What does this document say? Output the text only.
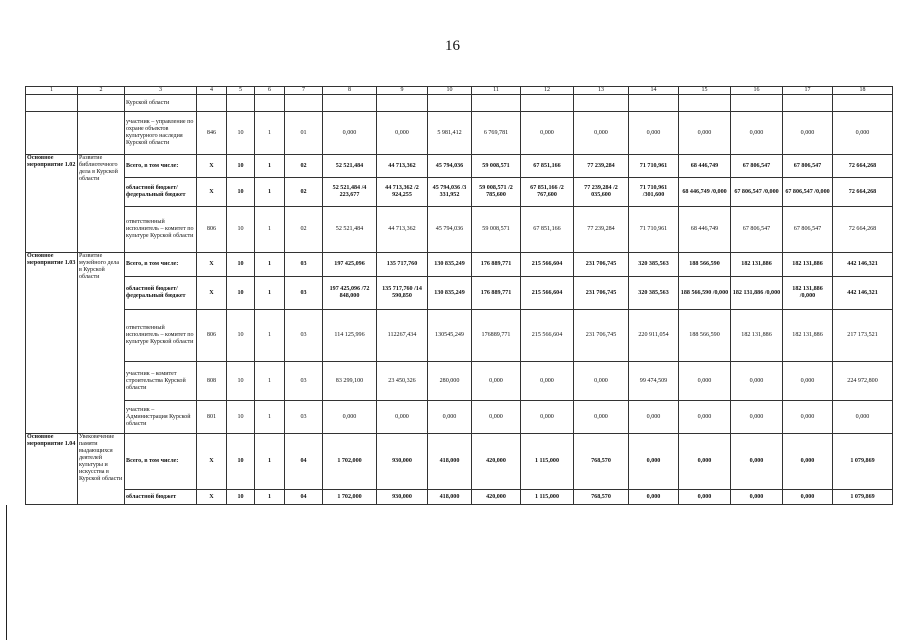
16
1	2	3	4	5	6	7	8	9	10	11	12	13	14	15	16	17	18
		Курской области															
		участник – управление по охране объектов культурного наследия Курской области	846	10	1	01	0,000	0,000	5 981,412	6 769,781	0,000	0,000	0,000	0,000	0,000	0,000	0,000
Основное мероприятие 1.02	Развитие библиотечного дела в Курской области	Всего, в том числе:	Х	10	1	02	52 521,484	44 713,362	45 794,036	59 008,571	67 851,166	77 239,284	71 710,961	68 446,749	67 806,547	67 806,547	72 664,268
		областной бюджет/ федеральный бюджет	Х	10	1	02	52 521,484 /4 223,677	44 713,362 /2 924,255	45 794,036 /3 331,952	59 008,571 /2 785,600	67 851,166 /2 767,600	77 239,284 /2 035,600	71 710,961 /301,600	68 446,749 /0,000	67 806,547 /0,000	67 806,547 /0,000	72 664,268
		ответственный исполнитель – комитет по культуре Курской области	806	10	1	02	52 521,484	44 713,362	45 794,036	59 008,571	67 851,166	77 239,284	71 710,961	68 446,749	67 806,547	67 806,547	72 664,268
Основное мероприятие 1.03	Развитие музейного дела в Курской области	Всего, в том числе:	Х	10	1	03	197 425,096	135 717,760	130 835,249	176 889,771	215 566,604	231 706,745	320 385,563	188 566,590	182 131,886	182 131,886	442 146,321
		областной бюджет/ федеральный бюджет	Х	10	1	03	197 425,096 /72 848,000	135 717,760 /14 590,850	130 835,249	176 889,771	215 566,604	231 706,745	320 385,563	188 566,590 /0,000	182 131,886 /0,000	182 131,886 /0,000	442 146,321
		ответственный исполнитель – комитет по культуре Курской области	806	10	1	03	114 125,996	112267,434	130545,249	176889,771	215 566,604	231 706,745	220 911,054	188 566,590	182 131,886	182 131,886	217 173,521
		участник – комитет строительства Курской области	808	10	1	03	83 299,100	23 450,326	280,000	0,000	0,000	0,000	99 474,509	0,000	0,000	0,000	224 972,800
		участник – Администрация Курской области	801	10	1	03	0,000	0,000	0,000	0,000	0,000	0,000	0,000	0,000	0,000	0,000	0,000
Основное мероприятие 1.04	Увековечение памяти выдающихся деятелей культуры и искусства в Курской области	Всего, в том числе:	Х	10	1	04	1 702,000	930,000	418,000	420,000	1 115,000	768,570	0,000	0,000	0,000	0,000	1 079,869
		областной бюджет	Х	10	1	04	1 702,000	930,000	418,000	420,000	1 115,000	768,570	0,000	0,000	0,000	0,000	1 079,869
